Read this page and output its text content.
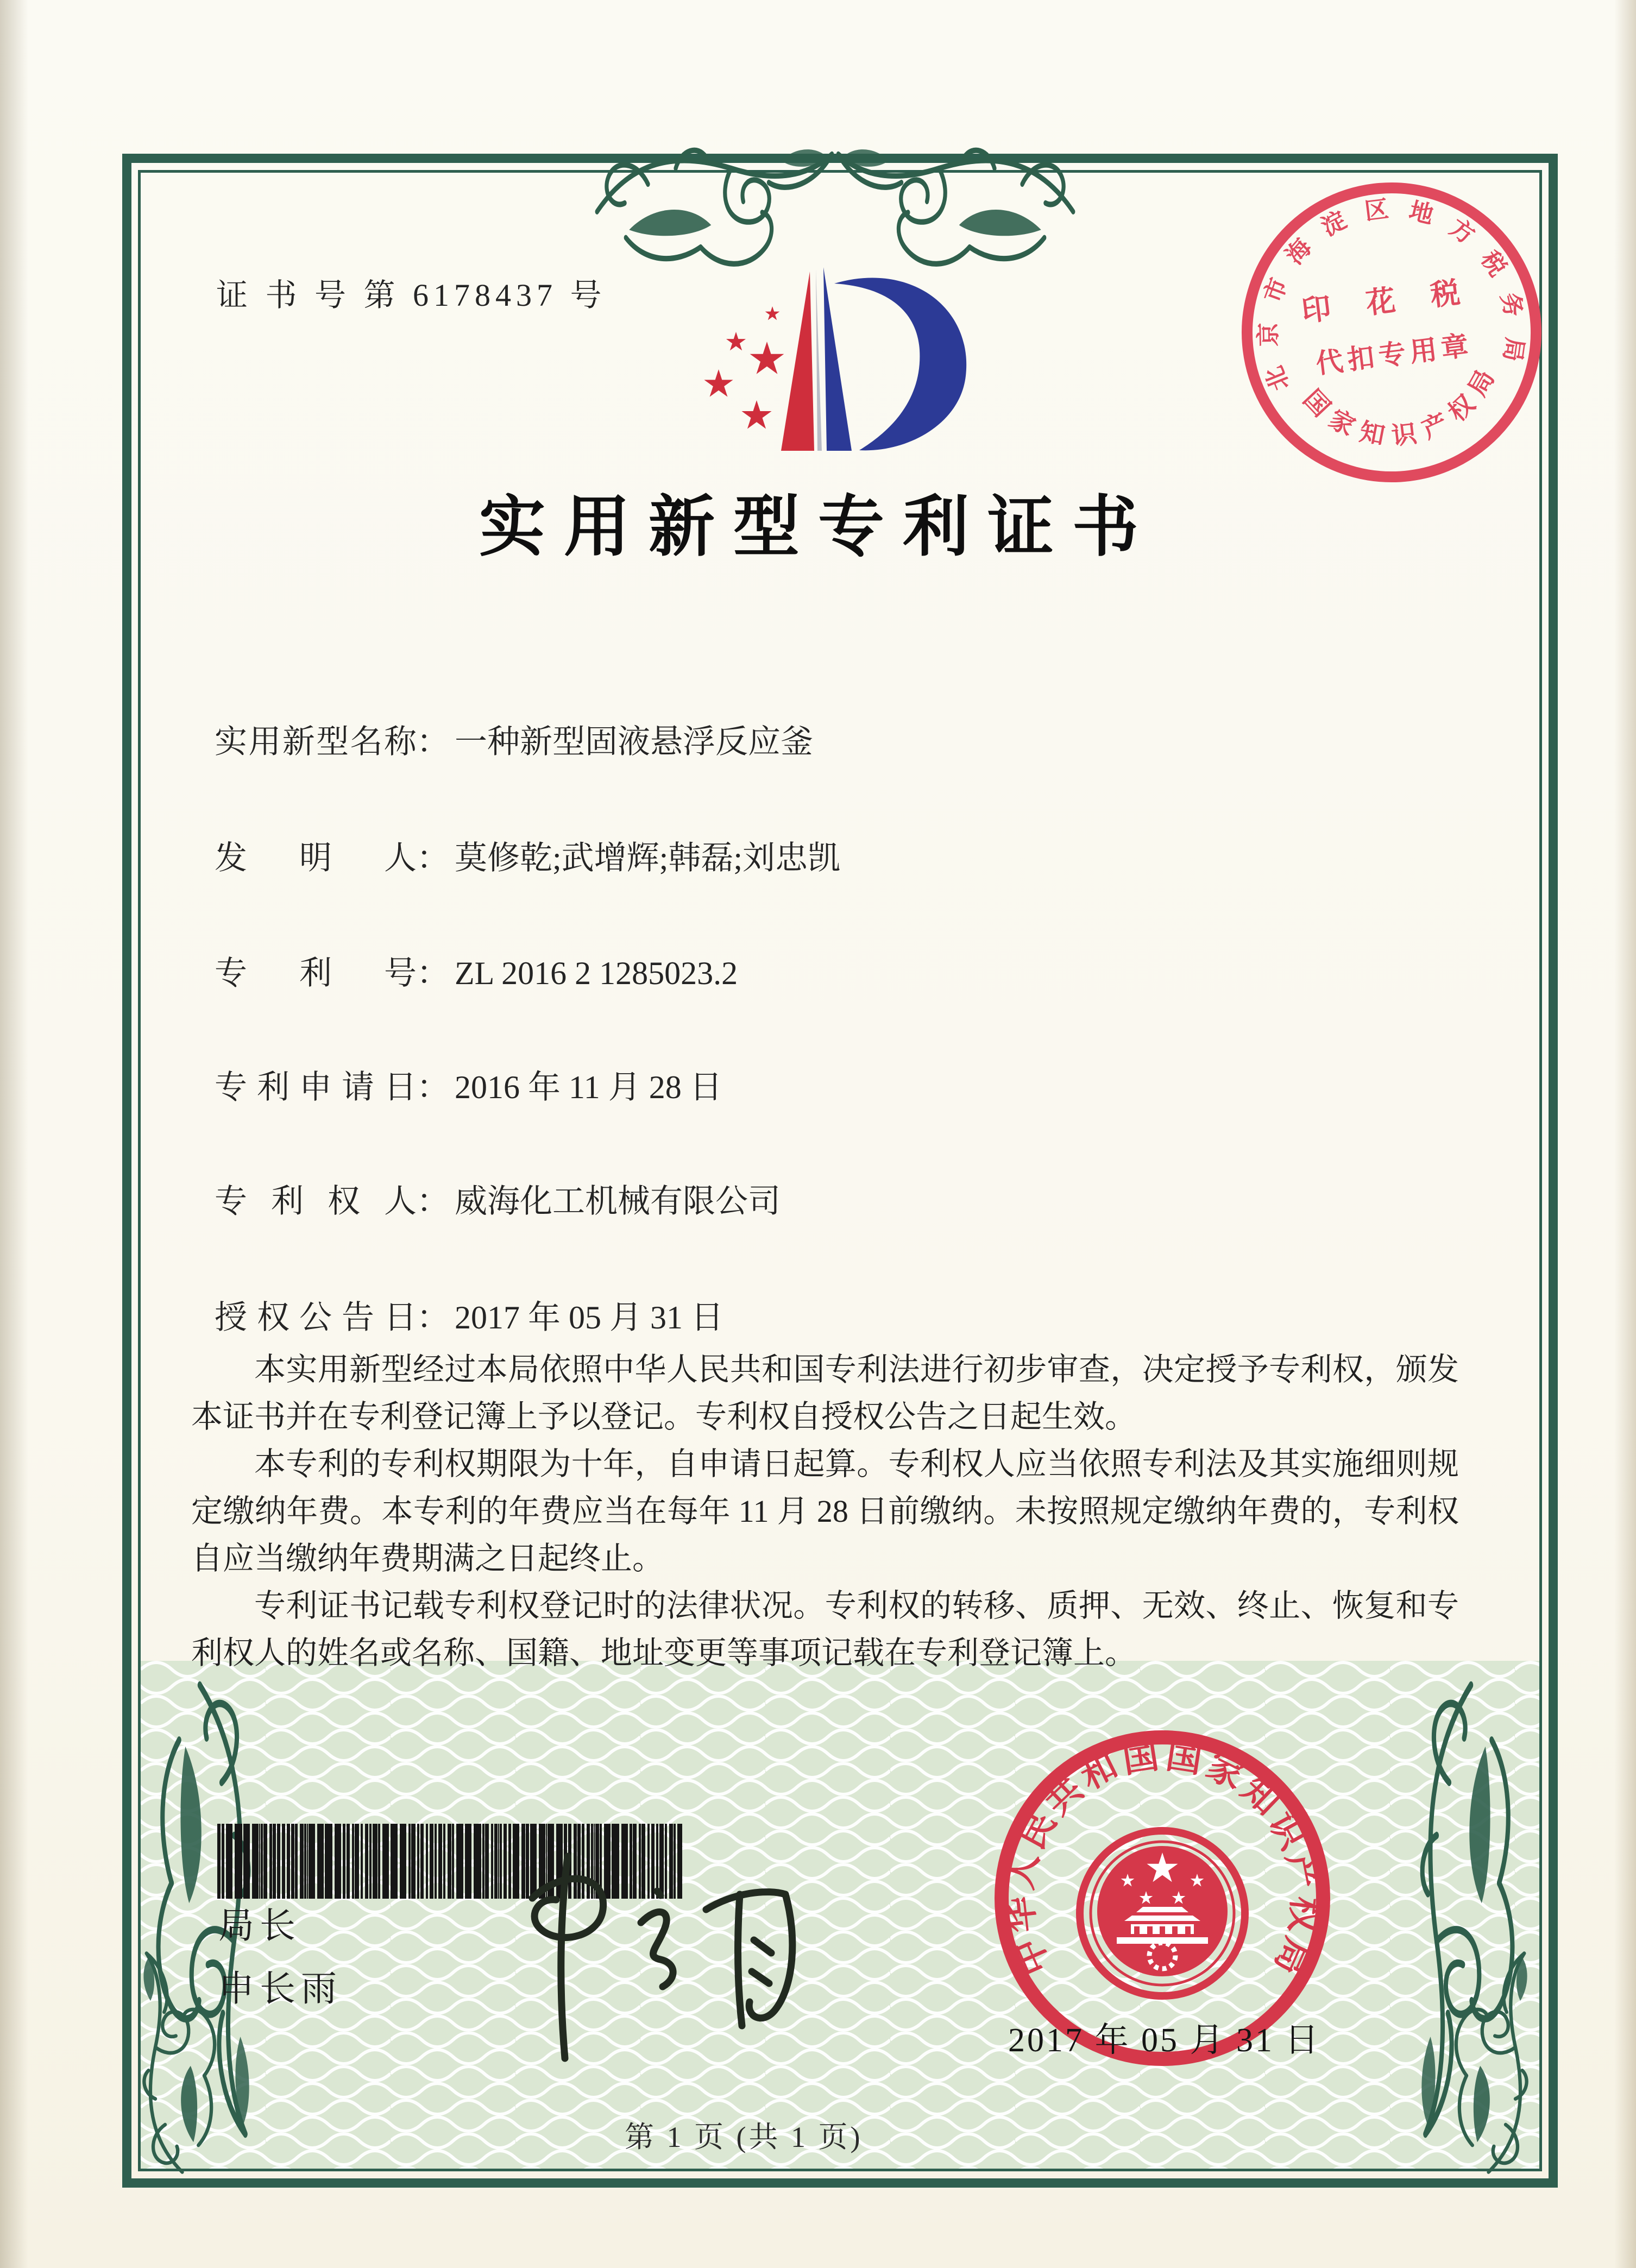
证 书 号 第 6178437 号
北京市海淀区地方税务局
印 花 税
代扣专用章
国家知识产权局
实用新型专利证书
实用新型名称： 一种新型固液悬浮反应釜
发明人： 莫修乾;武增辉;韩磊;刘忠凯
专利号： ZL 2016 2 1285023.2
专利申请日： 2016 年 11 月 28 日
专利权人： 威海化工机械有限公司
授权公告日： 2017 年 05 月 31 日

本实用新型经过本局依照中华人民共和国专利法进行初步审查，决定授予专利权，颁发本证书并在专利登记簿上予以登记。专利权自授权公告之日起生效。

本专利的专利权期限为十年，自申请日起算。专利权人应当依照专利法及其实施细则规定缴纳年费。本专利的年费应当在每年 11 月 28 日前缴纳。未按照规定缴纳年费的，专利权自应当缴纳年费期满之日起终止。

专利证书记载专利权登记时的法律状况。专利权的转移、质押、无效、终止、恢复和专利权人的姓名或名称、国籍、地址变更等事项记载在专利登记簿上。

局长
申长雨
中华人民共和国国家知识产权局
2017 年 05 月 31 日
第 1 页 (共 1 页)
